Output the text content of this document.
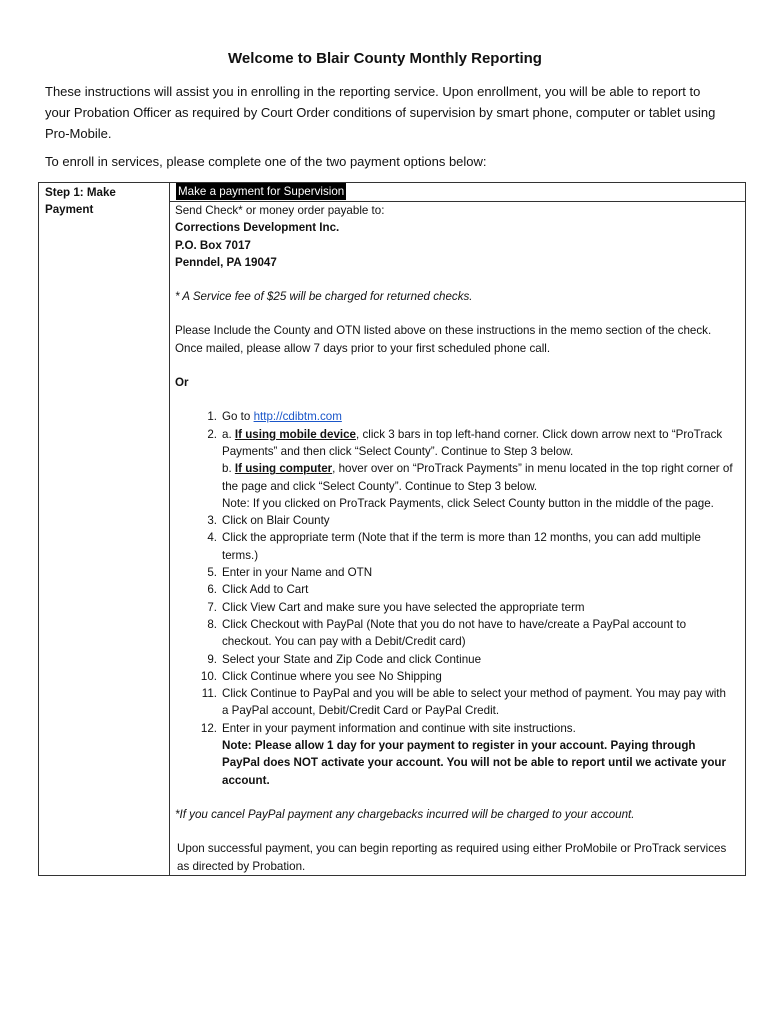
Welcome to Blair County Monthly Reporting
These instructions will assist you in enrolling in the reporting service. Upon enrollment, you will be able to report to your Probation Officer as required by Court Order conditions of supervision by smart phone, computer or tablet using Pro-Mobile.
To enroll in services, please complete one of the two payment options below:
Step 1: Make Payment

Make a payment for Supervision
Send Check* or money order payable to:
Corrections Development Inc.
P.O. Box 7017
Penndel, PA 19047
* A Service fee of $25 will be charged for returned checks.
Please Include the County and OTN listed above on these instructions in the memo section of the check. Once mailed, please allow 7 days prior to your first scheduled phone call.
Or
1. Go to http://cdibtm.com
2. a. If using mobile device, click 3 bars in top left-hand corner. Click down arrow next to “ProTrack Payments” and then click “Select County”. Continue to Step 3 below.
b. If using computer, hover over on “ProTrack Payments” in menu located in the top right corner of the page and click “Select County”. Continue to Step 3 below.
Note: If you clicked on ProTrack Payments, click Select County button in the middle of the page.
3. Click on Blair County
4. Click the appropriate term (Note that if the term is more than 12 months, you can add multiple terms.)
5. Enter in your Name and OTN
6. Click Add to Cart
7. Click View Cart and make sure you have selected the appropriate term
8. Click Checkout with PayPal (Note that you do not have to have/create a PayPal account to checkout. You can pay with a Debit/Credit card)
9. Select your State and Zip Code and click Continue
10. Click Continue where you see No Shipping
11. Click Continue to PayPal and you will be able to select your method of payment. You may pay with a PayPal account, Debit/Credit Card or PayPal Credit.
12. Enter in your payment information and continue with site instructions.
Note: Please allow 1 day for your payment to register in your account. Paying through PayPal does NOT activate your account. You will not be able to report until we activate your account.
*If you cancel PayPal payment any chargebacks incurred will be charged to your account.
Upon successful payment, you can begin reporting as required using either ProMobile or ProTrack services as directed by Probation.
